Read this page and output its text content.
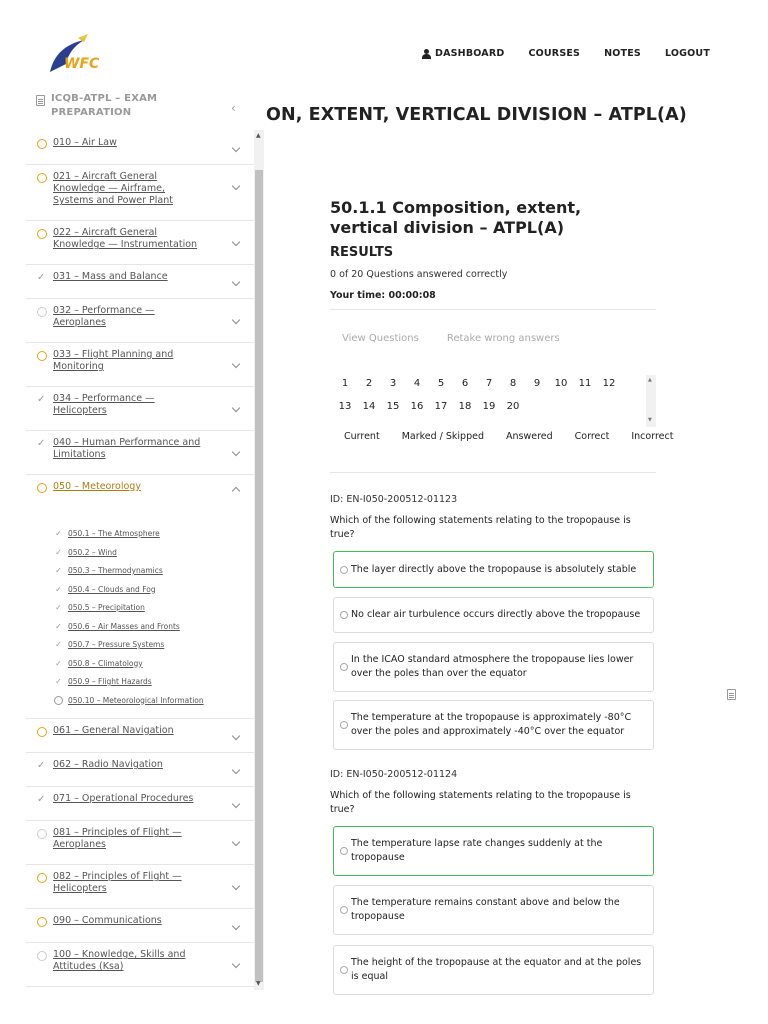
WFC
DASHBOARD	COURSES	NOTES	LOGOUT
ICQB-ATPL – EXAM PREPARATION
010 – Air Law
021 – Aircraft General Knowledge — Airframe, Systems and Power Plant
022 – Aircraft General Knowledge — Instrumentation
✓ 031 – Mass and Balance
032 – Performance — Aeroplanes
033 – Flight Planning and Monitoring
✓ 034 – Performance — Helicopters
✓ 040 – Human Performance and Limitations
050 – Meteorology
✓ 050.1 – The Atmosphere
✓ 050.2 – Wind
✓ 050.3 – Thermodynamics
✓ 050.4 – Clouds and Fog
✓ 050.5 – Precipitation
✓ 050.6 – Air Masses and Fronts
✓ 050.7 – Pressure Systems
✓ 050.8 – Climatology
✓ 050.9 – Flight Hazards
050.10 – Meteorological Information
061 – General Navigation
✓ 062 – Radio Navigation
✓ 071 – Operational Procedures
081 – Principles of Flight — Aeroplanes
082 – Principles of Flight — Helicopters
090 – Communications
100 – Knowledge, Skills and Attitudes (Ksa)
‹
▲
▼
ON, EXTENT, VERTICAL DIVISION – ATPL(A)
50.1.1 Composition, extent, vertical division – ATPL(A)
RESULTS
0 of 20 Questions answered correctly
Your time: 00:00:08
View Questions	Retake wrong answers
1	2	3	4	5	6	7	8	9	10	11	12
13	14	15	16	17	18	19	20
▲
▼
Current Marked / Skipped Answered Correct Incorrect
ID: EN-I050-200512-01123
Which of the following statements relating to the tropopause is true?
The layer directly above the tropopause is absolutely stable
No clear air turbulence occurs directly above the tropopause
In the ICAO standard atmosphere the tropopause lies lower over the poles than over the equator
The temperature at the tropopause is approximately -80°C over the poles and approximately -40°C over the equator
ID: EN-I050-200512-01124
Which of the following statements relating to the tropopause is true?
The temperature lapse rate changes suddenly at the tropopause
The temperature remains constant above and below the tropopause
The height of the tropopause at the equator and at the poles is equal
